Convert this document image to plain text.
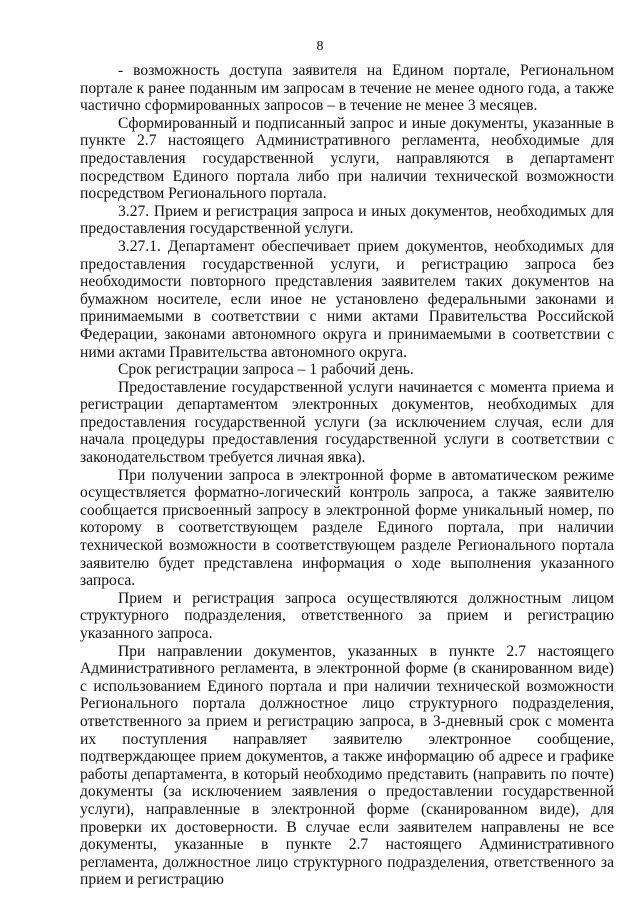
8

- возможность доступа заявителя на Едином портале, Региональном портале к ранее поданным им запросам в течение не менее одного года, а также частично сформированных запросов – в течение не менее 3 месяцев.

Сформированный и подписанный запрос и иные документы, указанные в пункте 2.7 настоящего Административного регламента, необходимые для предоставления государственной услуги, направляются в департамент посредством Единого портала либо при наличии технической возможности посредством Регионального портала.

3.27. Прием и регистрация запроса и иных документов, необходимых для предоставления государственной услуги.

3.27.1. Департамент обеспечивает прием документов, необходимых для предоставления государственной услуги, и регистрацию запроса без необходимости повторного представления заявителем таких документов на бумажном носителе, если иное не установлено федеральными законами и принимаемыми в соответствии с ними актами Правительства Российской Федерации, законами автономного округа и принимаемыми в соответствии с ними актами Правительства автономного округа.

Срок регистрации запроса – 1 рабочий день.

Предоставление государственной услуги начинается с момента приема и регистрации департаментом электронных документов, необходимых для предоставления государственной услуги (за исключением случая, если для начала процедуры предоставления государственной услуги в соответствии с законодательством требуется личная явка).

При получении запроса в электронной форме в автоматическом режиме осуществляется форматно-логический контроль запроса, а также заявителю сообщается присвоенный запросу в электронной форме уникальный номер, по которому в соответствующем разделе Единого портала, при наличии технической возможности в соответствующем разделе Регионального портала заявителю будет представлена информация о ходе выполнения указанного запроса.

Прием и регистрация запроса осуществляются должностным лицом структурного подразделения, ответственного за прием и регистрацию указанного запроса.

При направлении документов, указанных в пункте 2.7 настоящего Административного регламента, в электронной форме (в сканированном виде) с использованием Единого портала и при наличии технической возможности Регионального портала должностное лицо структурного подразделения, ответственного за прием и регистрацию запроса, в 3-дневный срок с момента их поступления направляет заявителю электронное сообщение, подтверждающее прием документов, а также информацию об адресе и графике работы департамента, в который необходимо представить (направить по почте) документы (за исключением заявления о предоставлении государственной услуги), направленные в электронной форме (сканированном виде), для проверки их достоверности. В случае если заявителем направлены не все документы, указанные в пункте 2.7 настоящего Административного регламента, должностное лицо структурного подразделения, ответственного за прием и регистрацию
